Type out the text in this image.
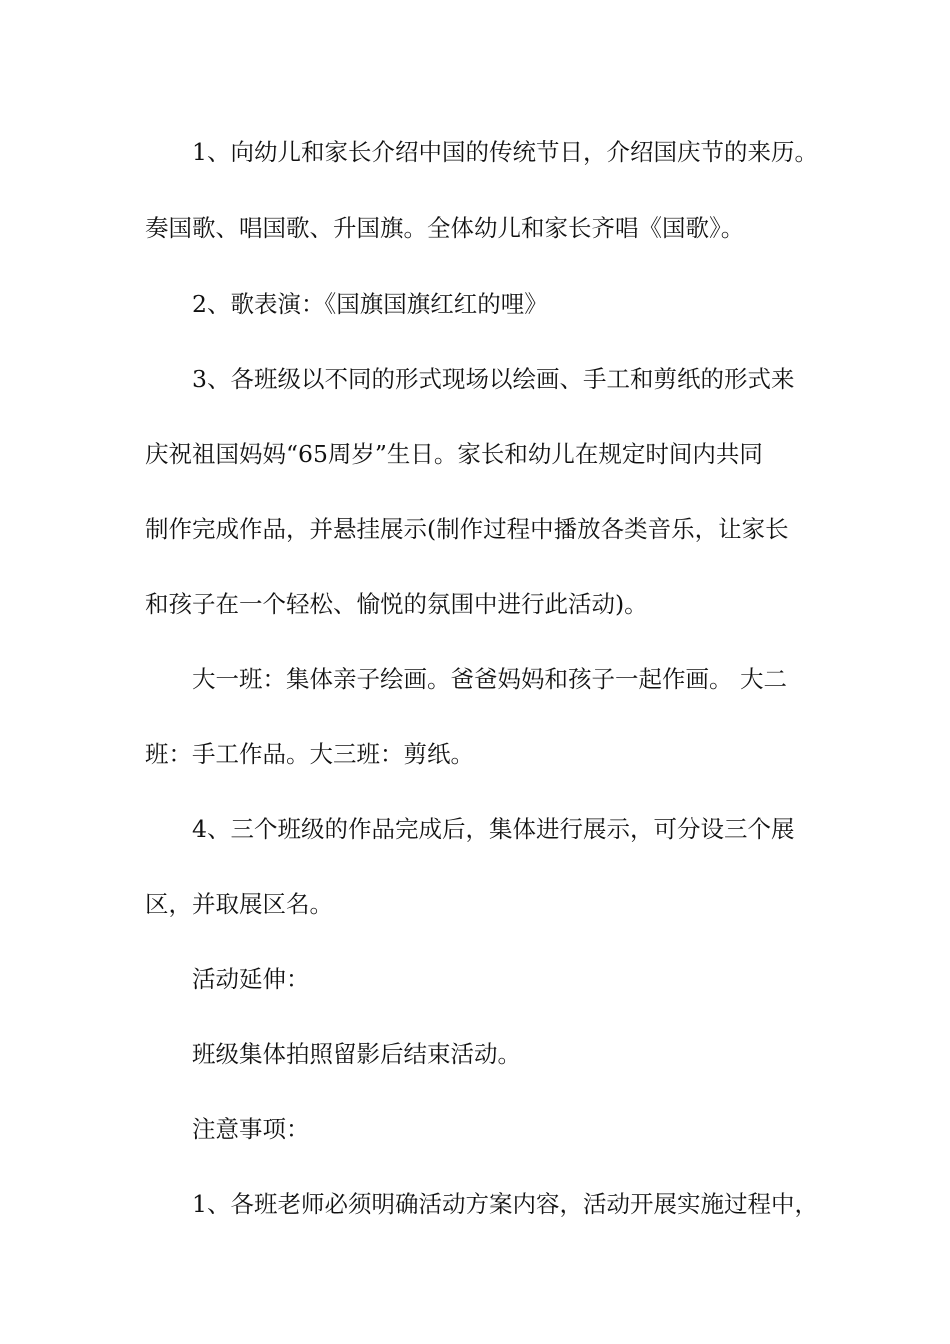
1、向幼儿和家长介绍中国的传统节日，介绍国庆节的来历。
奏国歌、唱国歌、升国旗。全体幼儿和家长齐唱《国歌》。
2、歌表演：《国旗国旗红红的哩》
3、各班级以不同的形式现场以绘画、手工和剪纸的形式来
庆祝祖国妈妈“65周岁”生日。家长和幼儿在规定时间内共同
制作完成作品，并悬挂展示(制作过程中播放各类音乐，让家长
和孩子在一个轻松、愉悦的氛围中进行此活动)。
大一班：集体亲子绘画。爸爸妈妈和孩子一起作画。 大二
班：手工作品。大三班：剪纸。
4、三个班级的作品完成后，集体进行展示，可分设三个展
区，并取展区名。
活动延伸：
班级集体拍照留影后结束活动。
注意事项：
1、各班老师必须明确活动方案内容，活动开展实施过程中，
